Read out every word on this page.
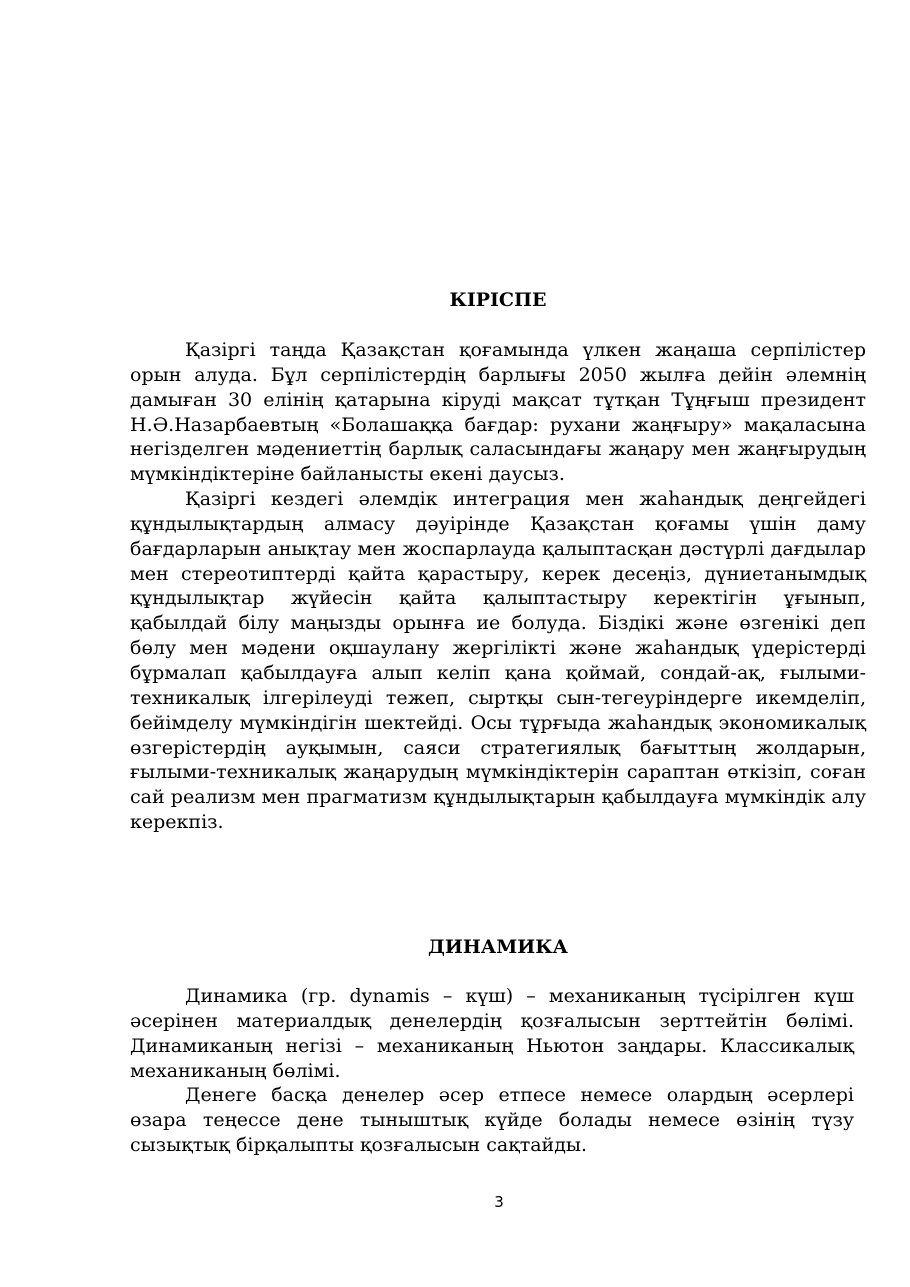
КІРІСПЕ

Қазіргі таңда Қазақстан қоғамында үлкен жаңаша серпілістер орын алуда. Бұл серпілістердің барлығы 2050 жылға дейін әлемнің дамыған 30 елінің қатарына кіруді мақсат тұтқан Тұңғыш президент Н.Ә.Назарбаевтың «Болашаққа бағдар: рухани жаңғыру» мақаласына негізделген мәдениеттің барлық саласындағы жаңару мен жаңғырудың мүмкіндіктеріне байланысты екені даусыз.

Қазіргі кездегі әлемдік интеграция мен жаһандық деңгейдегі құндылықтардың алмасу дәуірінде Қазақстан қоғамы үшін даму бағдарларын анықтау мен жоспарлауда қалыптасқан дәстүрлі дағдылар мен стереотиптерді қайта қарастыру, керек десеңіз, дүниетанымдық құндылықтар жүйесін қайта қалыптастыру керектігін ұғынып, қабылдай білу маңызды орынға ие болуда. Біздікі және өзгенікі деп бөлу мен мәдени оқшаулану жергілікті және жаһандық үдерістерді бұрмалап қабылдауға алып келіп қана қоймай, сондай-ақ, ғылыми-техникалық ілгерілеуді тежеп, сыртқы сын-тегеуріндерге икемделіп, бейімделу мүмкіндігін шектейді. Осы тұрғыда жаһандық экономикалық өзгерістердің ауқымын, саяси стратегиялық бағыттың жолдарын, ғылыми-техникалық жаңарудың мүмкіндіктерін сараптан өткізіп, соған сай реализм мен прагматизм құндылықтарын қабылдауға мүмкіндік алу керекпіз.

ДИНАМИКА

Динамика (гр. dynamis – күш) – механиканың түсірілген күш әсерінен материалдық денелердің қозғалысын зерттейтін бөлімі. Динамиканың негізі – механиканың Ньютон заңдары. Классикалық механиканың бөлімі.

Денеге басқа денелер әсер етпесе немесе олардың әсерлері өзара теңессе дене тыныштық күйде болады немесе өзінің түзу сызықтық бірқалыпты қозғалысын сақтайды.

3
